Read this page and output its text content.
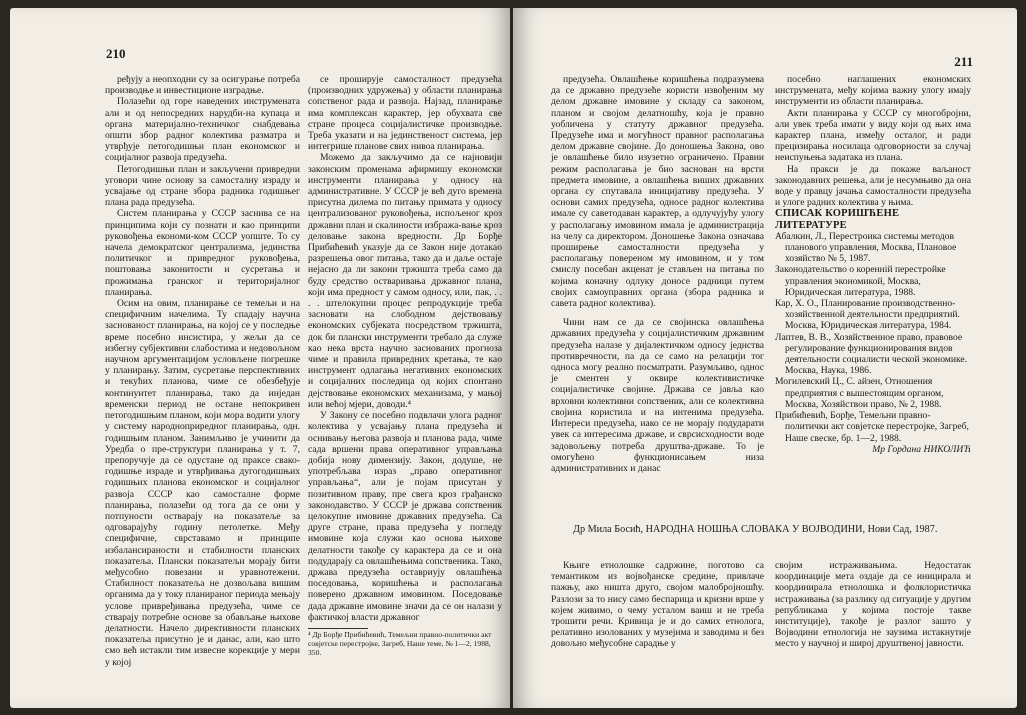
210

ређују а неопходни су за осигурање потреба производње и инвестиционе изградње.

Полазећи од горе наведених инструмената али и од непосредних нарудби-на купаца и органа материјално-техничког снабдевања општи збор радног колектива разматра и утврђује петогодишњи план економског и социјалног развоја предузећа.

Петогодишњи план и закључени привредни уговори чине основу за самосталну израду и усвајање од стране збора радника годишњег плана рада предузећа.

Систем планирања у СССР заснива се на принципима који су познати и као принципи руковођења економи-ком СССР уопште. То су начела демократског централизма, јединства политичког и привредног руковођења, поштовања законитости и сусретања и прожимања гранског и територијалног планирања.

Осим на овим, планирање се темељи и на специфичним начелима. Ту спадају научна заснованост планирања, на којој се у последње време посебно инсистира, у жељи да се избегну субјективни слабостима и недовољном научном аргументацијом условљене погрешке у планирању. Затим, сусретање перспективних и текућих планова, чиме се обезбеђује континуитет планирања, тако да инједан временски период не остане непокривен петогодишњим планом, који мора водити улогу у систему народноприредног планирања, одн. годишњим планом. Занимљиво је учинити да Уредба о пре-структури планирања у т. 7, препоручује да се одустане од праксе свако-годишње израде и утврђивања дугогодишњих годишњих планова економског и социјалног развоја СССР као самосталне форме планирања, полазећи од тога да се они у потпуности остварају на показатеље за одговарајућу годину петолетке. Међу специфичне, сврставамо и принципе избалансираности и стабилности планских показатеља. Плански показатељи морају бити међусобно повезани и уравнотежени. Стабилност показатеља не дозвољава вишим органима да у току планираног периода мењају услове привређивања предузећа, чиме се стварају потребне основе за обављање њихове делатности. Начело директивности планских показатеља присутно је и данас, али, као што смо већ истакли тим извесне корекције у мери у којој

се проширује самосталност предузећа (производних удружења) у области планирања сопственог рада и развоја. Најзад, планирање има комплексан карактер, јер обухвата све стране процеса социјалистичке производње. Треба указати и на јединственост система, јер интегрише планове свих нивоа планирања.

Можемо да закључимо да се најновији законским променама афирмишу економски инструменти планирања у односу на административне. У СССР је већ дуго времена присутна дилема по питању примата у односу централизованог руковођења, испољеног кроз државни план и скалиности избража-вање кроз деловање закона вредности. Др Борђе Прибићевић указује да се Закон није дотакао разрешења овог питања, тако да и даље остаје нејасно да ли закони тржишта треба само да буду средство остваривања државног плана, који има предност у самом односу, или, пак, . . . . штелокупни процес репродукције треба засновати на слободном дејствовању економских субјеката посредством тржишта, док би плански инструменти требало да служе као нека врста научно заснованих прогноза чиме и правила привредних кретања, те као инструмент одлагања негативних економских и социјалних последица од којих спонтано дејствовање економских механизама, у мањој или већој мјери, доводи.⁴

У Закону се посебно подвлачи улога радног колектива у усвајању плана предузећа и оснивању његова развоја и планова рада, чиме сада вршени права оперативног управљања добија нову димензију. Закон, додуше, не употребљава израз „право оперативног управљања“, али је појам присутан у позитивном праву, пре свега кроз грађанско законодавство. У СССР је држава сопственик целокупне имовине државних предузећа. Са друге стране, права предузећа у погледу имовине која служи као основа њихове делатности такође су карактера да се и она подударају са овлашћењима сопственика. Тако, држава предузећа оставриују овлашћења поседовања, коришћења и располагања поверено државном имовином. Поседовање дада државне имовине значи да се он налази у фактичкој власти државног

⁴ Др Борђе Прибићевић, Темељни правно-политички акт совјетске перестројке, Загреб, Наше теме, № 1—2, 1988, 350.
211

предузећа. Овлашћење коришћења подразумева да се државно предузеће користи извођеним му делом државне имовине у складу са законом, планом и својом делатношћу, која је правно уобличена у статуту државног предузећа. Предузеће има и могућност правног располагања делом државне својине. До доношења Закона, ово је овлашћење било изузетно ограничено. Правни режим располагања је био заснован на врсти предмета имовине, а овлашћења виших државних органа су спутавала иницијативу предузећа. У основи самих предузећа, односе радног колектива имале су саветодаван карактер, а одлучујућу улогу у располагању имовином имала је администрација на челу са директором. Доношење Закона означава проширење самосталности предузећа у располагању повереном му имовином, и у том смислу посебан акценат је стављен на питања по којима коначну одлуку доносе радници путем својих самоуправних органа (збора радника и савета радног колектива).

Чини нам се да се својинска овлашћења државних предузећа у социјалистичким државним предузећа налазе у дијалектичком односу једнства противречности, па да се само на релацији тог односа могу реално посматрати. Разумљиво, однос је сментен у оквире колективистичке социјалистичке својине. Држава се јавља као врховни колективни сопственик, али се колективна својина користила и на интенима предузећа. Интереси предузећа, иако се не морају подударати увек са интересима државе, и сврсисходности воде задовољењу потреба друштва-државе. То је омогућено функционисањем низа административних и данас

посебно наглашених економских инструмената, међу којима важну улогу имају инструменти из области планирања.

Акти планирања у СССР су многобројни, али увек треба имати у виду који од њих има карактер плана, између осталог, и ради прецизирања носилаца одговорности за случај неиспуњења задатака из плана.

На пракси је да покаже ваљаност законодавних решења, али је несумњиво да она воде у правцу јачања самосталности предузећа и улоге радних колектива у њима.

СПИСАК КОРИШЋЕНЕ ЛИТЕРАТУРЕ

Абалкин, Л., Перестроика системы методов планового управления, Москва, Плановое хозяйство № 5, 1987.

Законодательство о коренній перестройке управления экономикой, Москва, Юридическая литература, 1988.

Кар, Х. О., Планирование производственно-хозяйственной деятельности предприятий. Москва, Юридическая литература, 1984.

Лаптев, В. В., Хозяйственное право, правовое регулирование функционирования видов деятельности социалисти ческой экономике. Москва, Наука, 1986.

Могилевский Ц., С. айзен, Отношения предприятия с вышестоящим органом, Москва, Хозяйствои право, № 2, 1988.

Прибићевић, Борђе, Темељни правно-политички акт совјетске перестројке, Загреб, Наше свеске, бр. 1—2, 1988.

Мр Гордана НИКОЛИЋ

Др Мила Босић, НАРОДНА НОШЊА СЛОВАКА У ВОЈВОДИНИ, Нови Сад, 1987.

Књиге етнолошке садржине, поготово са темантиком из војвођанске средине, привлаче пажњу, ако ништа друго, својом малобројношћу. Разлози за то нису само беспарица и кризни врше у којем живимо, о чему усталом ваиш и не треба трошити речи. Кривица је и до самих етнолога, релативно изолованих у музејима и заводима и без довољно међусобне сарадње у

својим истраживањима. Недостатак координације мета оздаје да се иницирала и координирала етнолошка и фолклористичка истраживања (за разлику од ситуације у другим републикама у којима постоје такве институције), такође је разлог зашто у Војводини етнологија не заузима истакнутије место у научној и широј друштвеној јавности.
